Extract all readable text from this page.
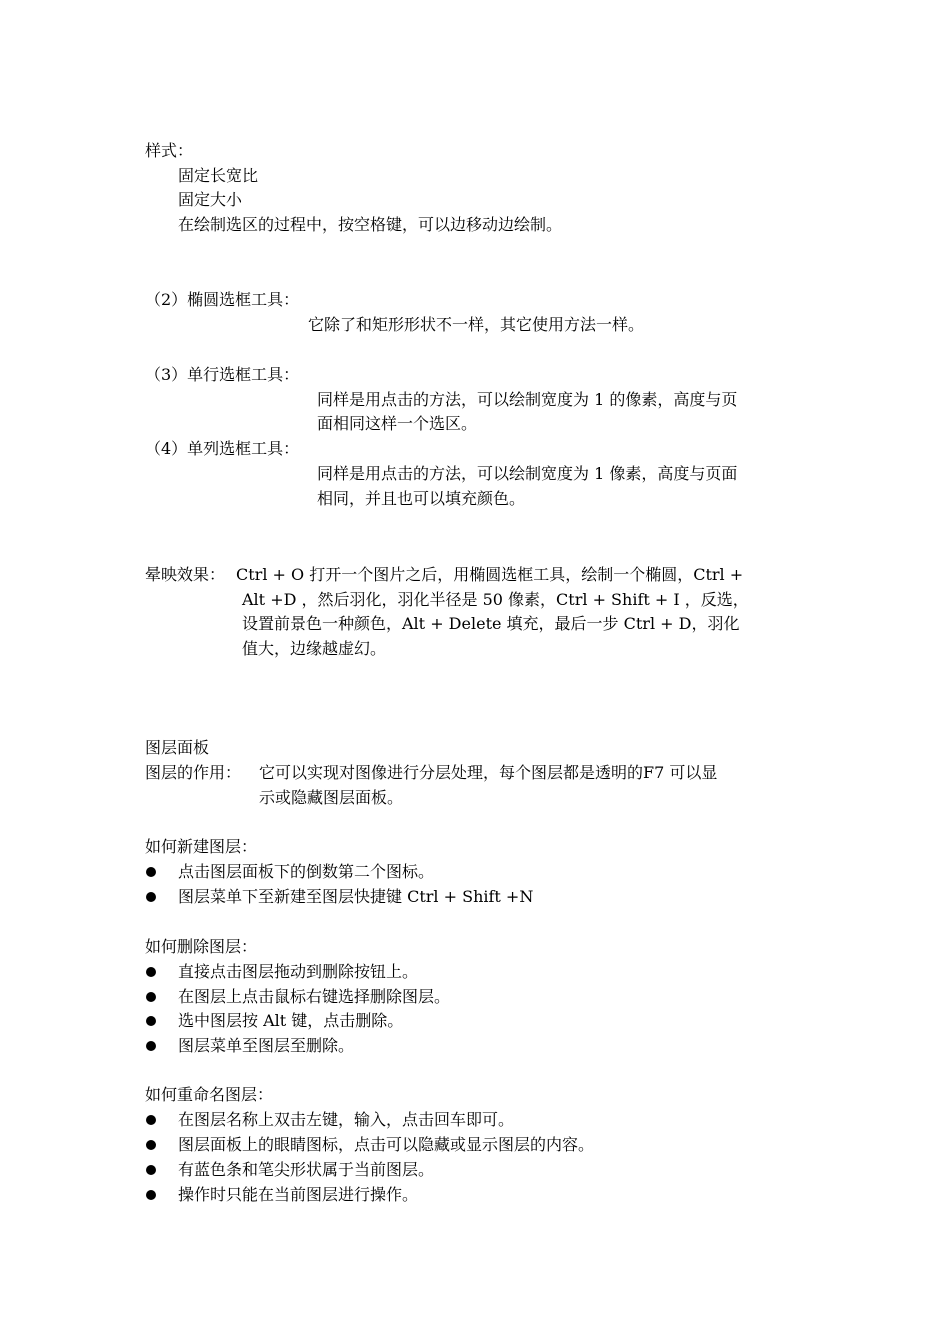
样式：
固定长宽比
固定大小
在绘制选区的过程中，按空格键，可以边移动边绘制。
（2）椭圆选框工具：
它除了和矩形形状不一样，其它使用方法一样。
（3）单行选框工具：
同样是用点击的方法，可以绘制宽度为 1 的像素，高度与页
面相同这样一个选区。
（4）单列选框工具：
同样是用点击的方法，可以绘制宽度为 1 像素，高度与页面
相同，并且也可以填充颜色。
晕映效果： Ctrl + O 打开一个图片之后，用椭圆选框工具，绘制一个椭圆，Ctrl +
Alt +D ，然后羽化，羽化半径是 50 像素，Ctrl + Shift + I ，反选，
设置前景色一种颜色，Alt + Delete 填充，最后一步 Ctrl + D，羽化
值大，边缘越虚幻。
图层面板
图层的作用： 它可以实现对图像进行分层处理，每个图层都是透明的F7 可以显
示或隐藏图层面板。
如何新建图层：
点击图层面板下的倒数第二个图标。
图层菜单下至新建至图层快捷键 Ctrl + Shift +N
如何删除图层：
直接点击图层拖动到删除按钮上。
在图层上点击鼠标右键选择删除图层。
选中图层按 Alt 键，点击删除。
图层菜单至图层至删除。
如何重命名图层：
在图层名称上双击左键，输入，点击回车即可。
图层面板上的眼睛图标，点击可以隐藏或显示图层的内容。
有蓝色条和笔尖形状属于当前图层。
操作时只能在当前图层进行操作。
